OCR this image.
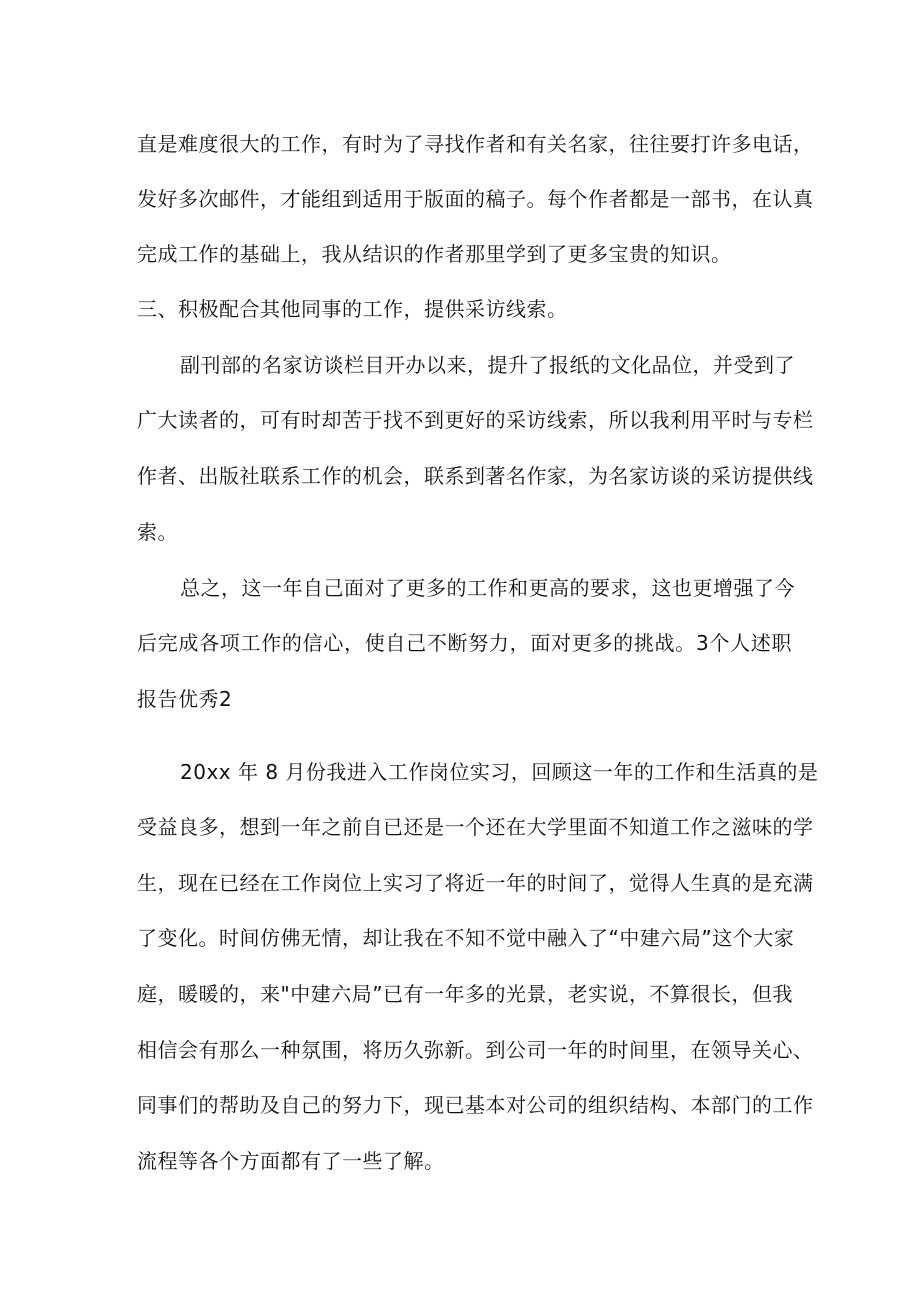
直是难度很大的工作，有时为了寻找作者和有关名家，往往要打许多电话，
发好多次邮件，才能组到适用于版面的稿子。每个作者都是一部书，在认真
完成工作的基础上，我从结识的作者那里学到了更多宝贵的知识。
三、积极配合其他同事的工作，提供采访线索。
副刊部的名家访谈栏目开办以来，提升了报纸的文化品位，并受到了
广大读者的，可有时却苦于找不到更好的采访线索，所以我利用平时与专栏
作者、出版社联系工作的机会，联系到著名作家，为名家访谈的采访提供线
索。
总之，这一年自己面对了更多的工作和更高的要求，这也更增强了今
后完成各项工作的信心，使自己不断努力，面对更多的挑战。3个人述职
报告优秀2
20xx 年 8 月份我进入工作岗位实习，回顾这一年的工作和生活真的是
受益良多，想到一年之前自已还是一个还在大学里面不知道工作之滋味的学
生，现在已经在工作岗位上实习了将近一年的时间了，觉得人生真的是充满
了变化。时间仿佛无情，却让我在不知不觉中融入了“中建六局”这个大家
庭，暖暖的，来"中建六局”已有一年多的光景，老实说，不算很长，但我
相信会有那么一种氛围，将历久弥新。到公司一年的时间里，在领导关心、
同事们的帮助及自己的努力下，现已基本对公司的组织结构、本部门的工作
流程等各个方面都有了一些了解。
